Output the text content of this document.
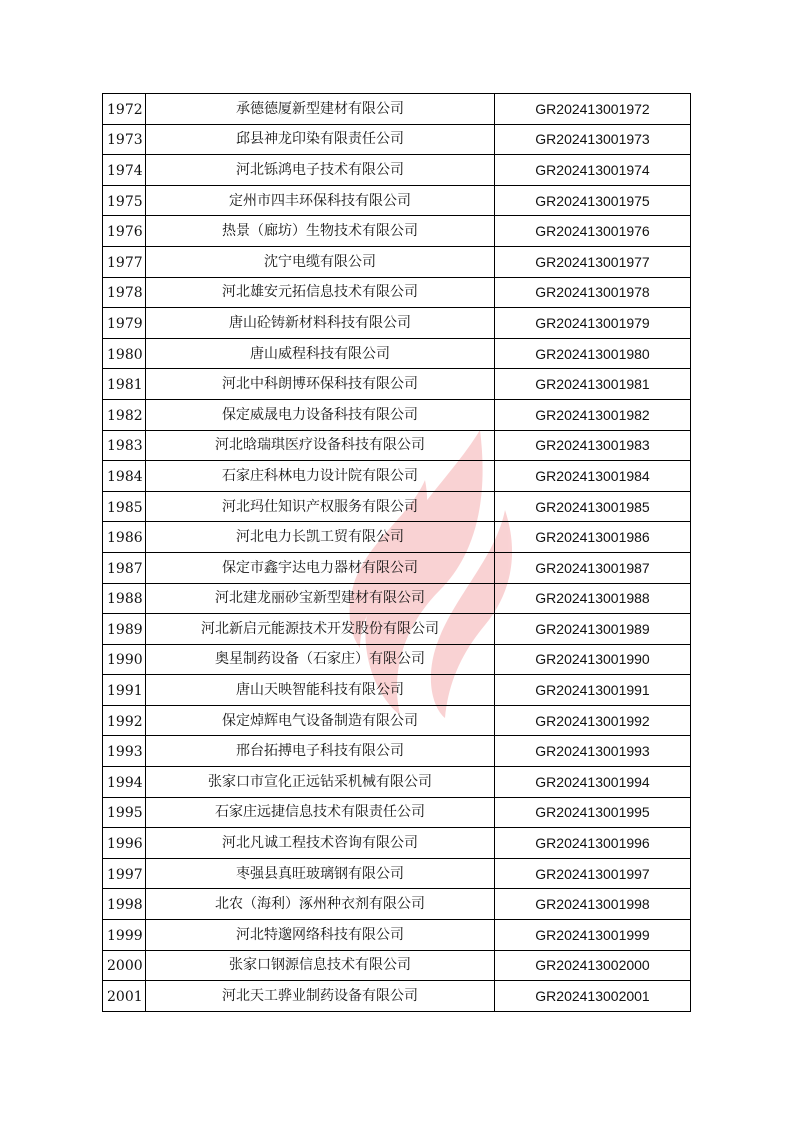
1972	承德德厦新型建材有限公司	GR202413001972
1973	邱县神龙印染有限责任公司	GR202413001973
1974	河北铄鸿电子技术有限公司	GR202413001974
1975	定州市四丰环保科技有限公司	GR202413001975
1976	热景（廊坊）生物技术有限公司	GR202413001976
1977	沈宁电缆有限公司	GR202413001977
1978	河北雄安元拓信息技术有限公司	GR202413001978
1979	唐山砼铸新材料科技有限公司	GR202413001979
1980	唐山威程科技有限公司	GR202413001980
1981	河北中科朗博环保科技有限公司	GR202413001981
1982	保定威晟电力设备科技有限公司	GR202413001982
1983	河北晗瑞琪医疗设备科技有限公司	GR202413001983
1984	石家庄科林电力设计院有限公司	GR202413001984
1985	河北玛仕知识产权服务有限公司	GR202413001985
1986	河北电力长凯工贸有限公司	GR202413001986
1987	保定市鑫宇达电力器材有限公司	GR202413001987
1988	河北建龙丽砂宝新型建材有限公司	GR202413001988
1989	河北新启元能源技术开发股份有限公司	GR202413001989
1990	奥星制药设备（石家庄）有限公司	GR202413001990
1991	唐山天映智能科技有限公司	GR202413001991
1992	保定焯辉电气设备制造有限公司	GR202413001992
1993	邢台拓搏电子科技有限公司	GR202413001993
1994	张家口市宣化正远钻采机械有限公司	GR202413001994
1995	石家庄远捷信息技术有限责任公司	GR202413001995
1996	河北凡诚工程技术咨询有限公司	GR202413001996
1997	枣强县真旺玻璃钢有限公司	GR202413001997
1998	北农（海利）涿州种衣剂有限公司	GR202413001998
1999	河北特邈网络科技有限公司	GR202413001999
2000	张家口钢源信息技术有限公司	GR202413002000
2001	河北天工骅业制药设备有限公司	GR202413002001
